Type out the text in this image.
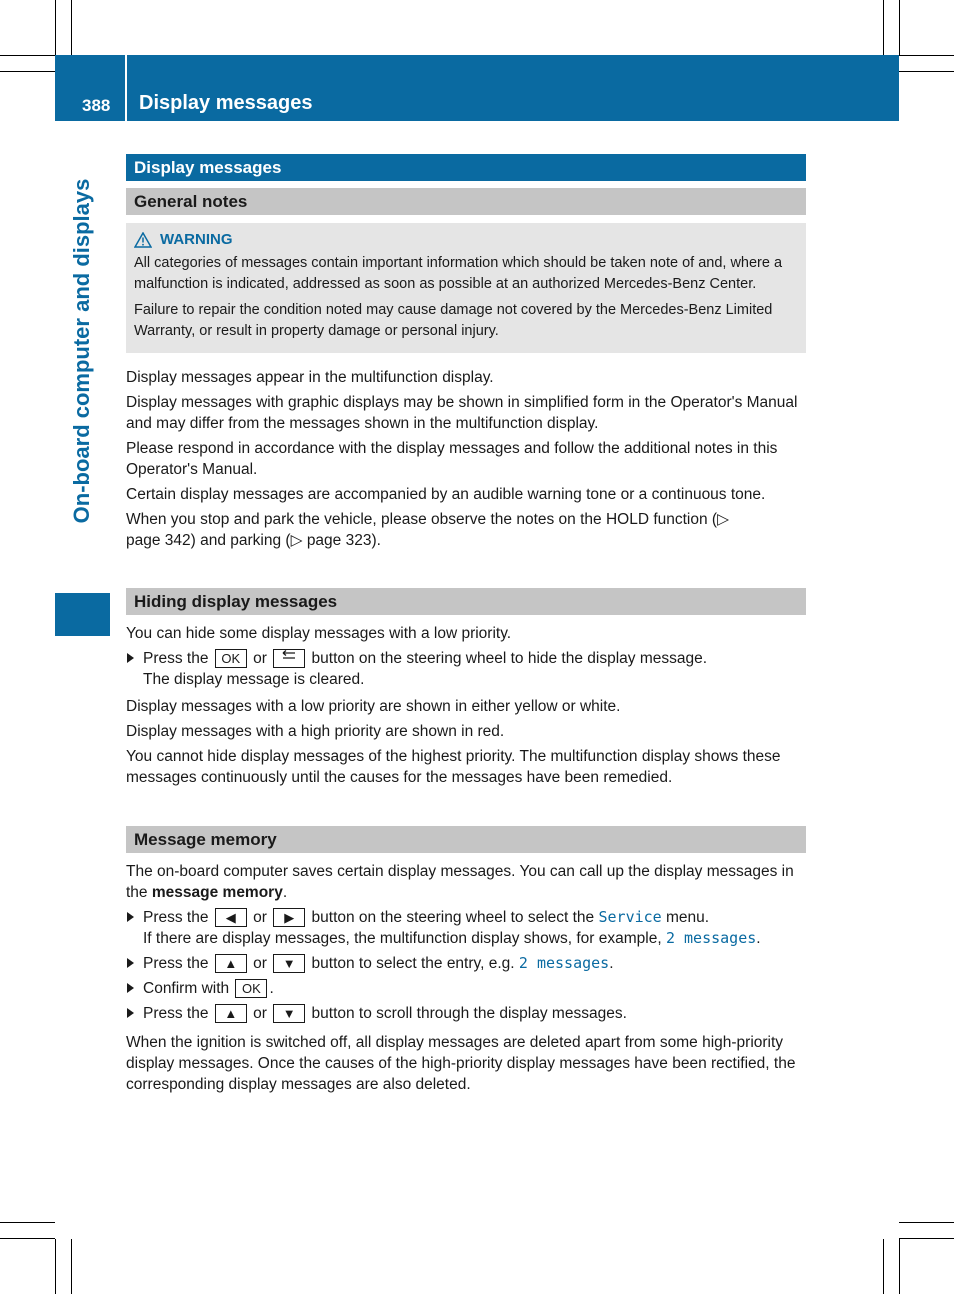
388 Display messages
On-board computer and displays
Display messages
General notes
WARNING

All categories of messages contain important information which should be taken note of and, where a malfunction is indicated, addressed as soon as possible at an authorized Mercedes-Benz Center.

Failure to repair the condition noted may cause damage not covered by the Mercedes-Benz Limited Warranty, or result in property damage or personal injury.

Display messages appear in the multifunction display.

Display messages with graphic displays may be shown in simplified form in the Operator's Manual and may differ from the messages shown in the multifunction display.

Please respond in accordance with the display messages and follow the additional notes in this Operator's Manual.

Certain display messages are accompanied by an audible warning tone or a continuous tone.

When you stop and park the vehicle, please observe the notes on the HOLD function (▷ page 342) and parking (▷ page 323).

Hiding display messages

You can hide some display messages with a low priority.

Press the OK or	button on the steering wheel to hide the display message.
The display message is cleared.

Display messages with a low priority are shown in either yellow or white.

Display messages with a high priority are shown in red.

You cannot hide display messages of the highest priority. The multifunction display shows these messages continuously until the causes for the messages have been remedied.

Message memory

The on-board computer saves certain display messages. You can call up the display messages in the message memory.

Press the ◀ or ▶ button on the steering wheel to select the Service menu.
If there are display messages, the multifunction display shows, for example, 2 messages.
Press the ▲ or ▼ button to select the entry, e.g. 2 messages.
Confirm with OK .
Press the ▲ or ▼ button to scroll through the display messages.

When the ignition is switched off, all display messages are deleted apart from some high-priority display messages. Once the causes of the high-priority display messages have been rectified, the corresponding display messages are also deleted.
